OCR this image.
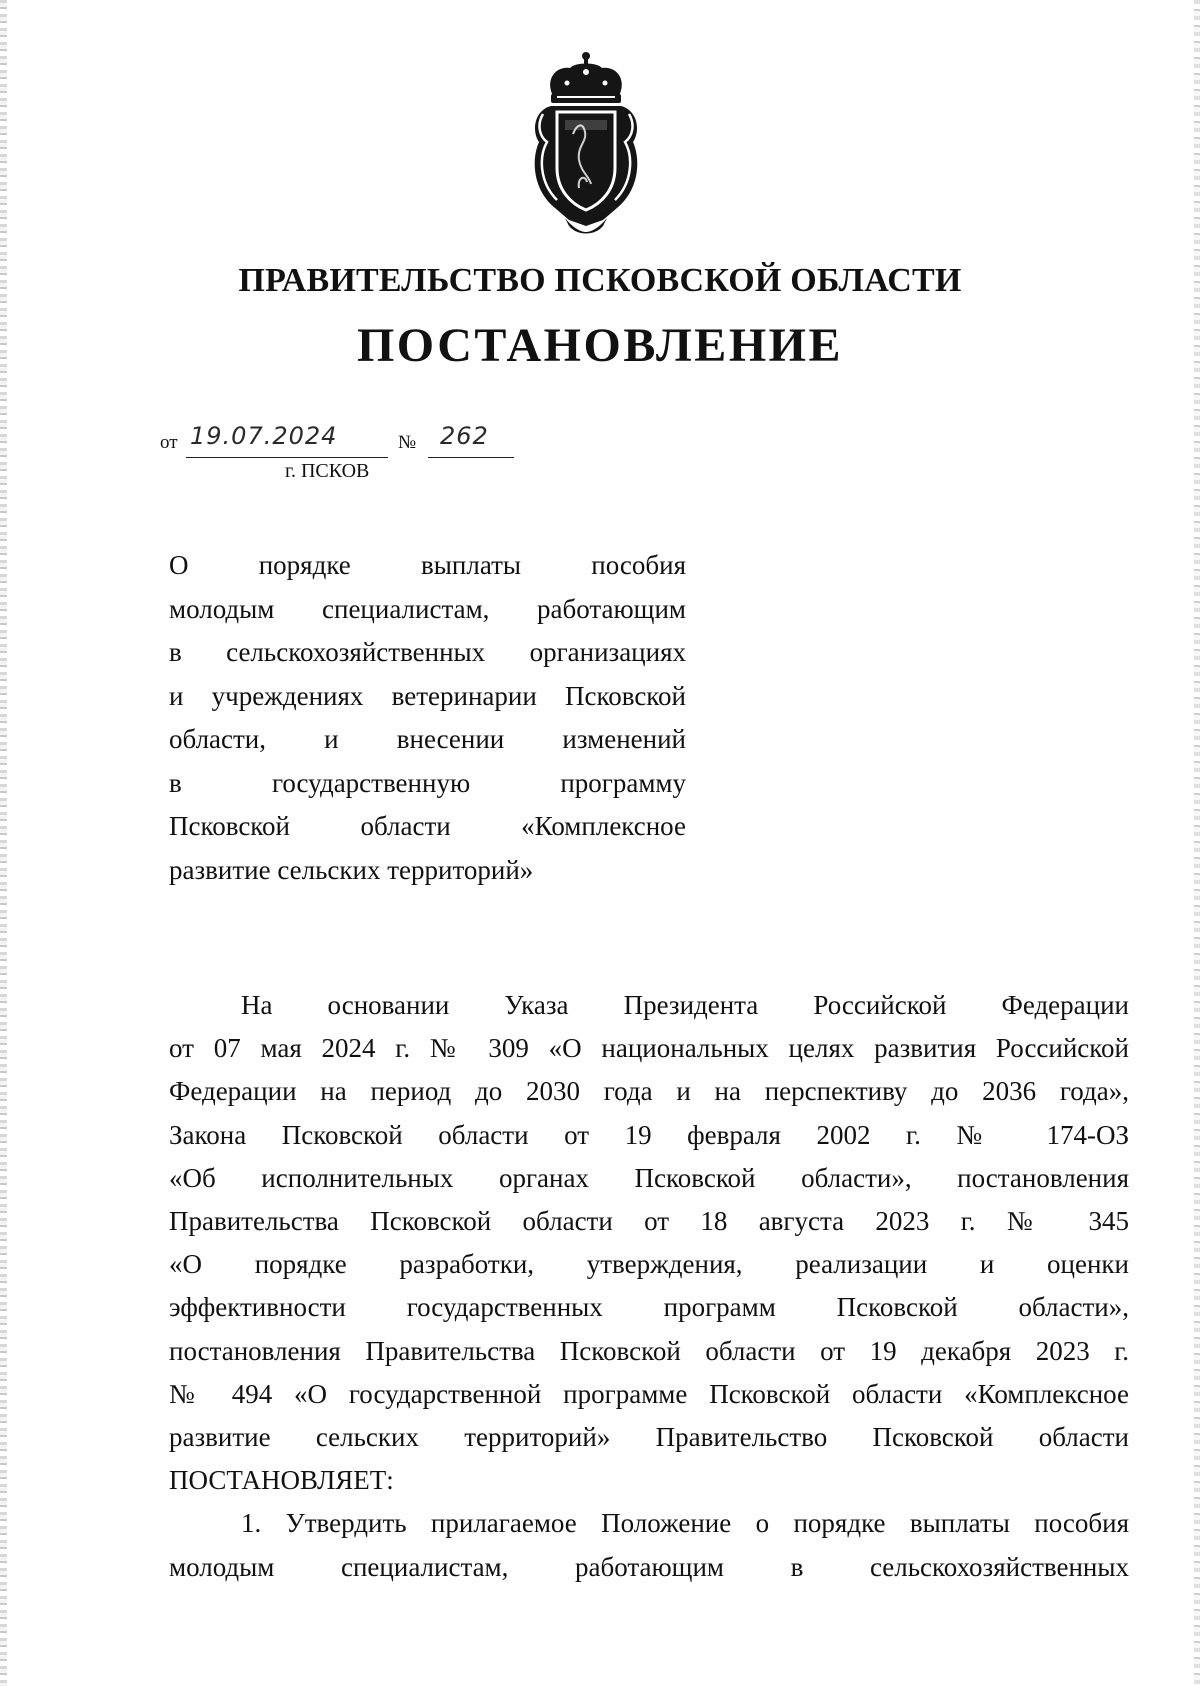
ПРАВИТЕЛЬСТВО ПСКОВСКОЙ ОБЛАСТИ
ПОСТАНОВЛЕНИЕ
от 19.07.2024	№ 262
г. ПСКОВ
О порядке выплаты пособия
молодым специалистам, работающим
в сельскохозяйственных организациях
и учреждениях ветеринарии Псковской
области, и внесении изменений
в государственную программу
Псковской области «Комплексное
развитие сельских территорий»
На основании Указа Президента Российской Федерации
от 07 мая 2024 г. № 309 «О национальных целях развития Российской
Федерации на период до 2030 года и на перспективу до 2036 года»,
Закона Псковской области от 19 февраля 2002 г. № 174-ОЗ
«Об исполнительных органах Псковской области», постановления
Правительства Псковской области от 18 августа 2023 г. № 345
«О порядке разработки, утверждения, реализации и оценки
эффективности государственных программ Псковской области»,
постановления Правительства Псковской области от 19 декабря 2023 г.
№ 494 «О государственной программе Псковской области «Комплексное
развитие сельских территорий» Правительство Псковской области
ПОСТАНОВЛЯЕТ:
1. Утвердить прилагаемое Положение о порядке выплаты пособия
молодым специалистам, работающим в сельскохозяйственных
